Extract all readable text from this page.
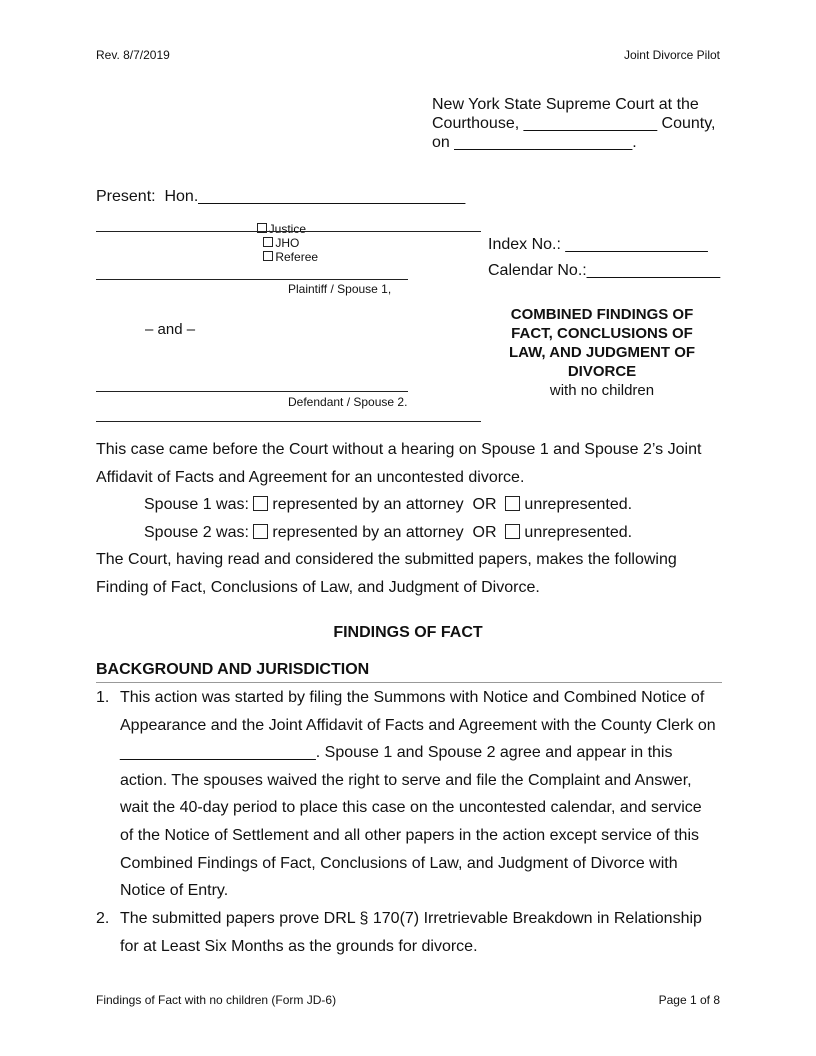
Rev. 8/7/2019	Joint Divorce Pilot
New York State Supreme Court at the
Courthouse, _______________ County,
on ____________________.
Present:  Hon.______________________________

Justice
JHO
Referee

Plaintiff / Spouse 1,
– and –
Defendant / Spouse 2.
Index No.: ________________
Calendar No.:_______________
COMBINED FINDINGS OF
FACT, CONCLUSIONS OF
LAW, AND JUDGMENT OF
DIVORCE
with no children
This case came before the Court without a hearing on Spouse 1 and Spouse 2’s Joint
Affidavit of Facts and Agreement for an uncontested divorce.
Spouse 1 was: represented by an attorney OR unrepresented.
Spouse 2 was: represented by an attorney OR unrepresented.
The Court, having read and considered the submitted papers, makes the following
Finding of Fact, Conclusions of Law, and Judgment of Divorce.
FINDINGS OF FACT
BACKGROUND AND JURISDICTION
1. This action was started by filing the Summons with Notice and Combined Notice of
Appearance and the Joint Affidavit of Facts and Agreement with the County Clerk on
______________________. Spouse 1 and Spouse 2 agree and appear in this
action. The spouses waived the right to serve and file the Complaint and Answer,
wait the 40-day period to place this case on the uncontested calendar, and service
of the Notice of Settlement and all other papers in the action except service of this
Combined Findings of Fact, Conclusions of Law, and Judgment of Divorce with
Notice of Entry.
2. The submitted papers prove DRL § 170(7) Irretrievable Breakdown in Relationship
for at Least Six Months as the grounds for divorce.
Findings of Fact with no children (Form JD-6)	Page 1 of 8
